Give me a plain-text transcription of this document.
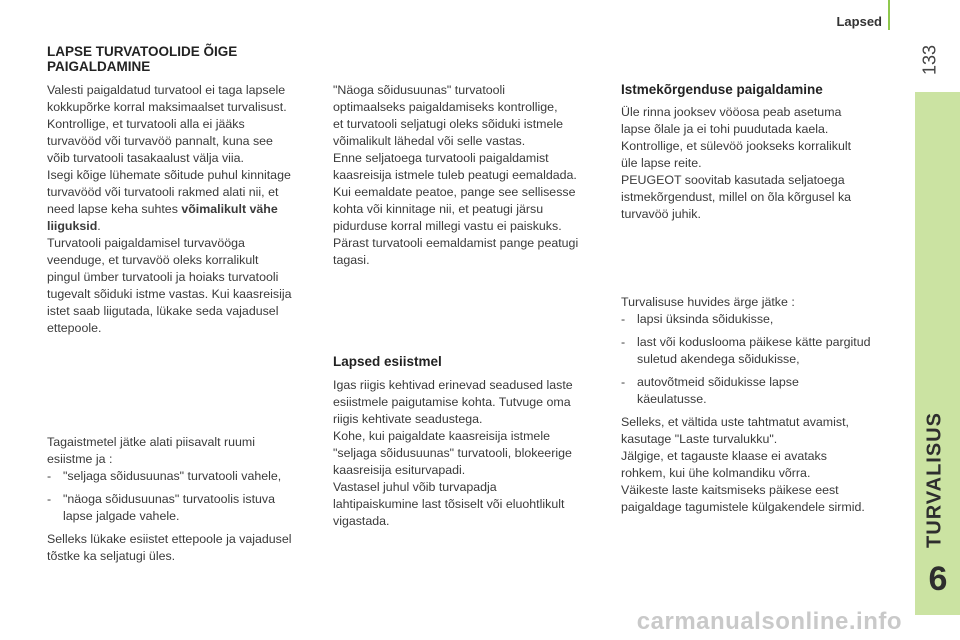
Lapsed
133
TURVALISUS
6

LAPSE TURVATOOLIDE ÕIGE

PAIGALDAMINE

Valesti paigaldatud turvatool ei taga lapsele

kokkupõrke korral maksimaalset turvalisust.

Kontrollige, et turvatooli alla ei jääks

turvavööd või turvavöö pannalt, kuna see

võib turvatooli tasakaalust välja viia.

Isegi kõige lühemate sõitude puhul kinnitage

turvavööd või turvatooli rakmed alati nii, et

need lapse keha suhtes võimalikult vähe

liiguksid.

Turvatooli paigaldamisel turvavööga

veenduge, et turvavöö oleks korralikult

pingul ümber turvatooli ja hoiaks turvatooli

tugevalt sõiduki istme vastas. Kui kaasreisija

istet saab liigutada, lükake seda vajadusel

ettepoole.

Tagaistmetel jätke alati piisavalt ruumi

esiistme ja :

- "seljaga sõidusuunas" turvatooli vahele,

- "näoga sõidusuunas" turvatoolis istuva

lapse jalgade vahele.

Selleks lükake esiistet ettepoole ja vajadusel

tõstke ka seljatugi üles.

"Näoga sõidusuunas" turvatooli

optimaalseks paigaldamiseks kontrollige,

et turvatooli seljatugi oleks sõiduki istmele

võimalikult lähedal või selle vastas.

Enne seljatoega turvatooli paigaldamist

kaasreisija istmele tuleb peatugi eemaldada.

Kui eemaldate peatoe, pange see sellisesse

kohta või kinnitage nii, et peatugi järsu

pidurduse korral millegi vastu ei paiskuks.

Pärast turvatooli eemaldamist pange peatugi

tagasi.

Lapsed esiistmel

Igas riigis kehtivad erinevad seadused laste

esiistmele paigutamise kohta. Tutvuge oma

riigis kehtivate seadustega.

Kohe, kui paigaldate kaasreisija istmele

"seljaga sõidusuunas" turvatooli, blokeerige

kaasreisija esiturvapadi.

Vastasel juhul võib turvapadja

lahtipaiskumine last tõsiselt või eluohtlikult

vigastada.

Istmekõrgenduse paigaldamine

Üle rinna jooksev vööosa peab asetuma

lapse õlale ja ei tohi puudutada kaela.

Kontrollige, et sülevöö jookseks korralikult

üle lapse reite.

PEUGEOT soovitab kasutada seljatoega

istmekõrgendust, millel on õla kõrgusel ka

turvavöö juhik.

Turvalisuse huvides ärge jätke :

- lapsi üksinda sõidukisse,

- last või koduslooma päikese kätte pargitud

suletud akendega sõidukisse,

- autovõtmeid sõidukisse lapse

käeulatusse.

Selleks, et vältida uste tahtmatut avamist,

kasutage "Laste turvalukku".

Jälgige, et tagauste klaase ei avataks

rohkem, kui ühe kolmandiku võrra.

Väikeste laste kaitsmiseks päikese eest

paigaldage tagumistele külgakendele sirmid.

carmanualsonline.info
